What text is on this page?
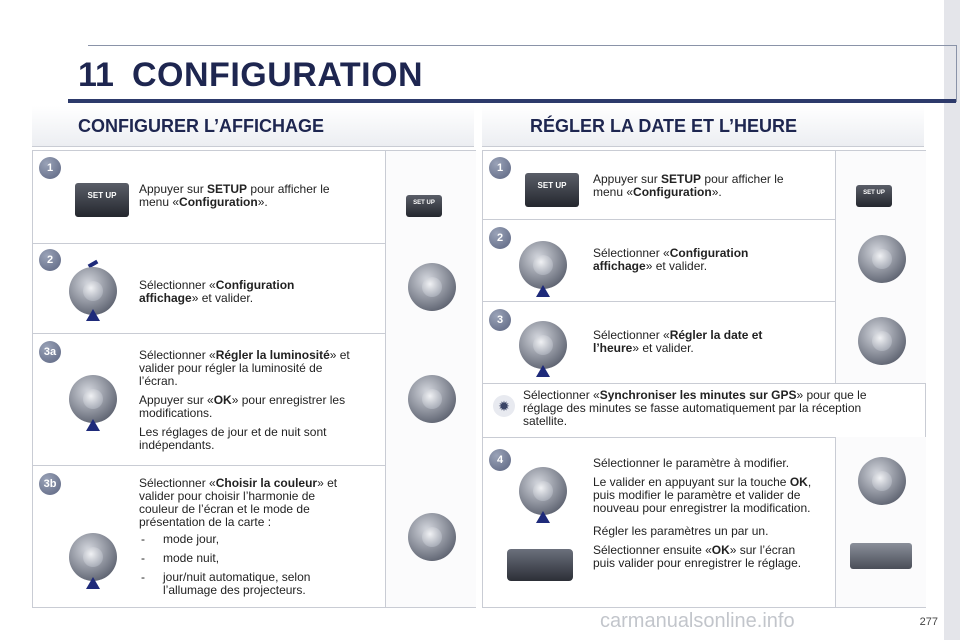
11 CONFIGURATION
CONFIGURER L’AFFICHAGE
1
SET UP	Appuyer sur SETUP pour afficher le menu «Configuration».	SET UP
2
Sélectionner «Configuration affichage» et valider.
3a	Sélectionner «Régler la luminosité» et valider pour régler la luminosité de l’écran.

Appuyer sur «OK» pour enregistrer les modifications.

Les réglages de jour et de nuit sont indépendants.

3b	Sélectionner «Choisir la couleur» et valider pour choisir l’harmonie de couleur de l’écran et le mode de présentation de la carte :
- mode jour,
- mode nuit,
- jour/nuit automatique, selon l’allumage des projecteurs.
RÉGLER LA DATE ET L’HEURE
1
SET UP	Appuyer sur SETUP pour afficher le menu «Configuration».	SET UP
2
Sélectionner «Configuration affichage» et valider.
3
Sélectionner «Régler la date et l’heure» et valider.
✹
Sélectionner «Synchroniser les minutes sur GPS» pour que le réglage des minutes se fasse automatiquement par la réception satellite.
4	Sélectionner le paramètre à modifier.

Le valider en appuyant sur la touche OK, puis modifier le paramètre et valider de nouveau pour enregistrer la modification.

Régler les paramètres un par un.

Sélectionner ensuite «OK» sur l’écran puis valider pour enregistrer le réglage.

carmanualsonline.info	277
